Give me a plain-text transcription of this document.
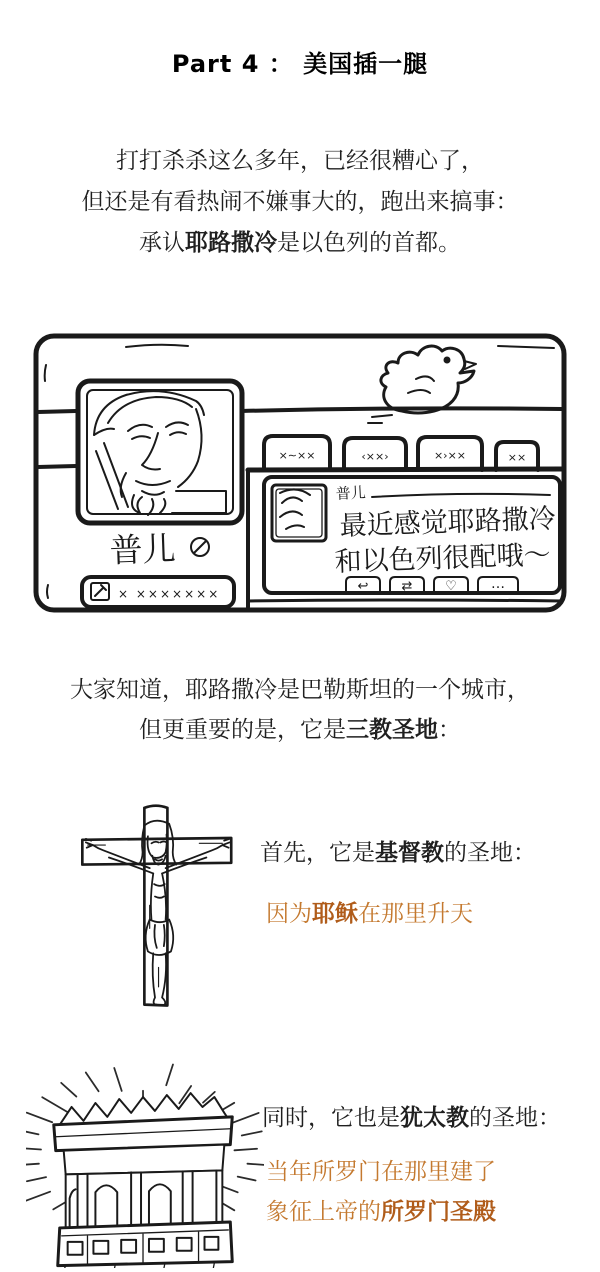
Part 4 ： 美国插一腿
打打杀杀这么多年，已经很糟心了，
但还是有看热闹不嫌事大的，跑出来搞事：
承认耶路撒冷是以色列的首都。
普儿
× ×××××××
×∼××	‹××›	×›××	××
普儿
最近感觉耶路撒冷
和以色列很配哦～
↩	⇄	♡ …
大家知道，耶路撒冷是巴勒斯坦的一个城市，
但更重要的是，它是三教圣地：
首先，它是基督教的圣地：
因为耶稣在那里升天
同时，它也是犹太教的圣地：
当年所罗门在那里建了
象征上帝的所罗门圣殿
